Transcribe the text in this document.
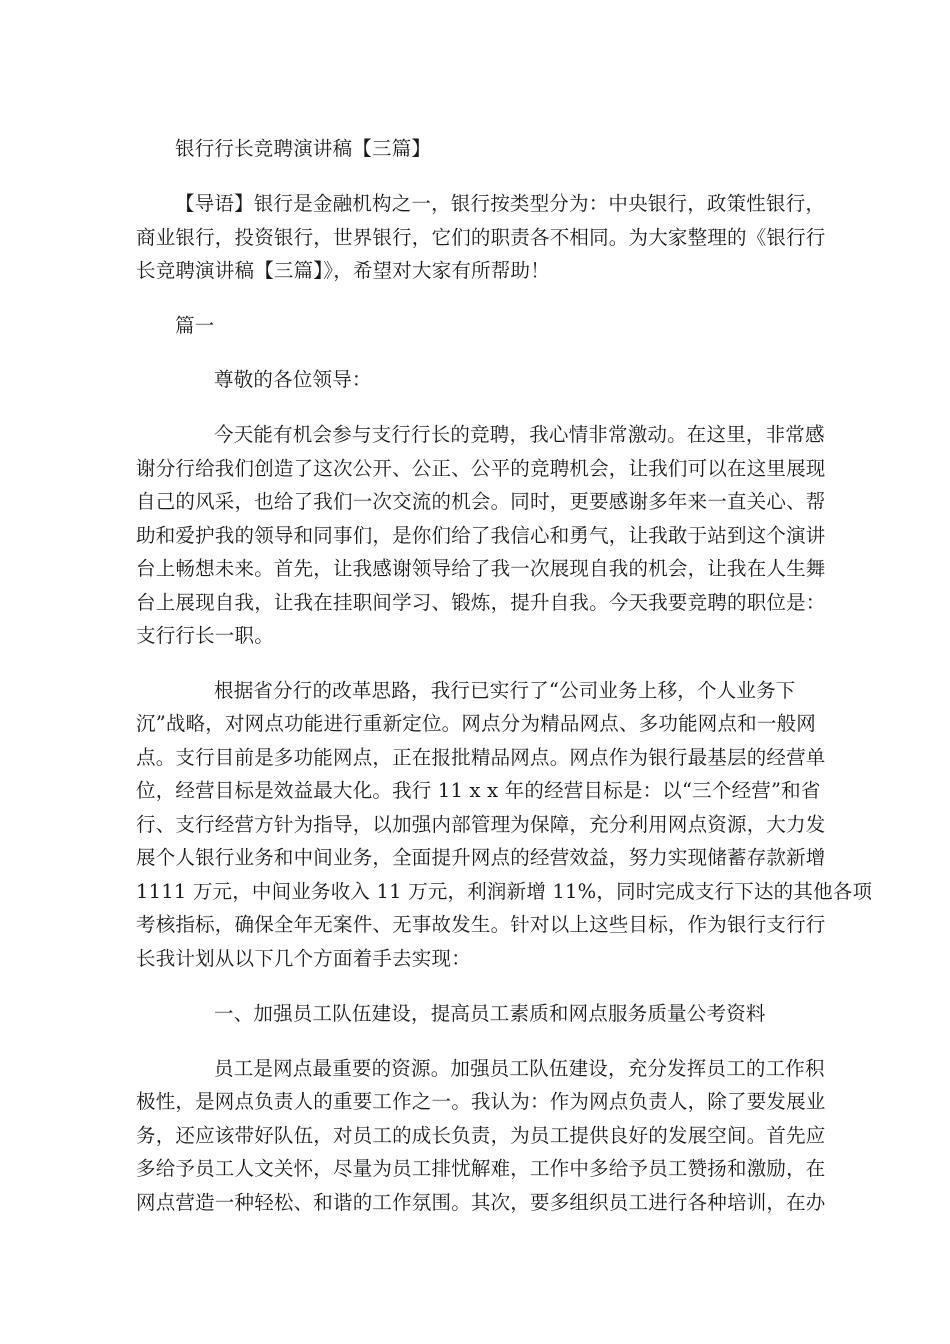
银行行长竞聘演讲稿【三篇】
【导语】银行是金融机构之一，银行按类型分为：中央银行，政策性银行，
商业银行，投资银行，世界银行，它们的职责各不相同。为大家整理的《银行行
长竞聘演讲稿【三篇】》，希望对大家有所帮助！
篇一
尊敬的各位领导：
今天能有机会参与支行行长的竞聘，我心情非常激动。在这里，非常感
谢分行给我们创造了这次公开、公正、公平的竞聘机会，让我们可以在这里展现
自己的风采，也给了我们一次交流的机会。同时，更要感谢多年来一直关心、帮
助和爱护我的领导和同事们，是你们给了我信心和勇气，让我敢于站到这个演讲
台上畅想未来。首先，让我感谢领导给了我一次展现自我的机会，让我在人生舞
台上展现自我，让我在挂职间学习、锻炼，提升自我。今天我要竞聘的职位是：
支行行长一职。
根据省分行的改革思路，我行已实行了“公司业务上移，个人业务下
沉”战略，对网点功能进行重新定位。网点分为精品网点、多功能网点和一般网
点。支行目前是多功能网点，正在报批精品网点。网点作为银行最基层的经营单
位，经营目标是效益最大化。我行 11 x x 年的经营目标是：以“三个经营”和省
行、支行经营方针为指导，以加强内部管理为保障，充分利用网点资源，大力发
展个人银行业务和中间业务，全面提升网点的经营效益，努力实现储蓄存款新增
1111 万元，中间业务收入 11 万元，利润新增 11%，同时完成支行下达的其他各项
考核指标，确保全年无案件、无事故发生。针对以上这些目标，作为银行支行行
长我计划从以下几个方面着手去实现：
一、加强员工队伍建设，提高员工素质和网点服务质量公考资料
员工是网点最重要的资源。加强员工队伍建设，充分发挥员工的工作积
极性，是网点负责人的重要工作之一。我认为：作为网点负责人，除了要发展业
务，还应该带好队伍，对员工的成长负责，为员工提供良好的发展空间。首先应
多给予员工人文关怀，尽量为员工排忧解难，工作中多给予员工赞扬和激励，在
网点营造一种轻松、和谐的工作氛围。其次，要多组织员工进行各种培训，在办
